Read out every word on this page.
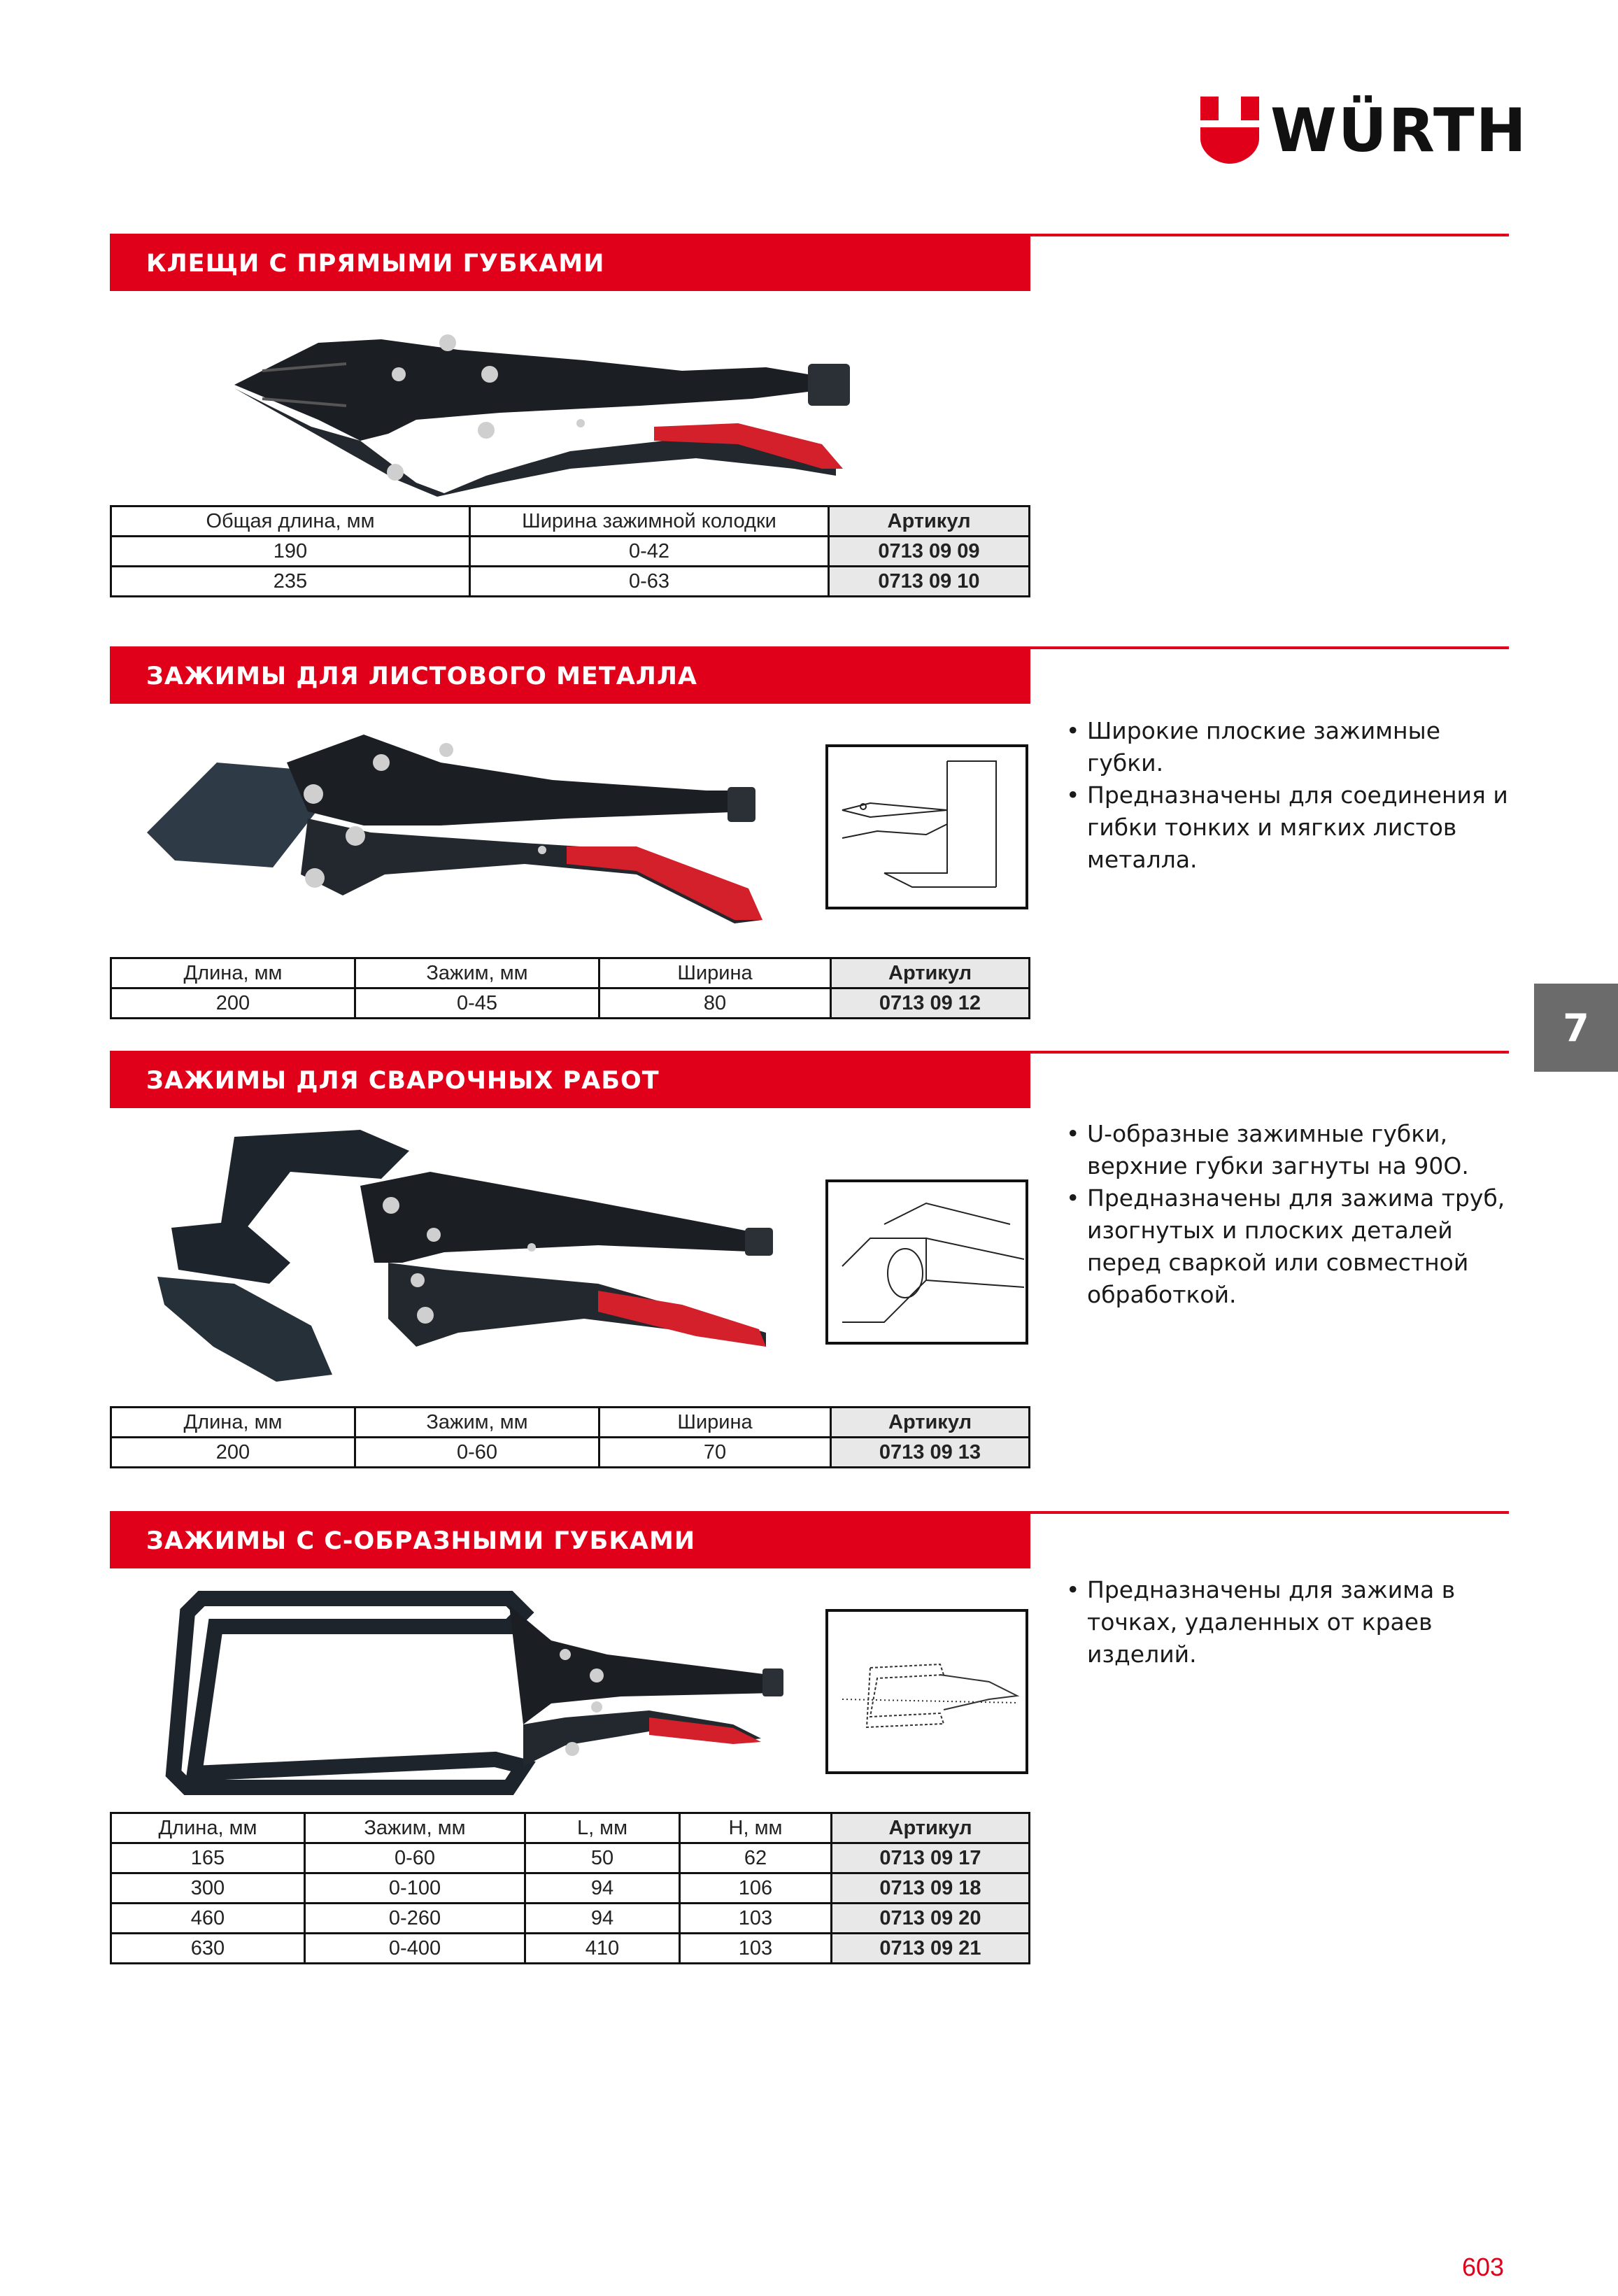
WÜRTH
КЛЕЩИ С ПРЯМЫМИ ГУБКАМИ
Общая длина, мм	Ширина зажимной колодки	Артикул
190	0-42	0713 09 09
235	0-63	0713 09 10
ЗАЖИМЫ ДЛЯ ЛИСТОВОГО МЕТАЛЛА
• Широкие плоские зажимные губки.
• Предназначены для соединения и гибки тонких и мягких листов металла.
Длина, мм	Зажим, мм	Ширина	Артикул
200	0-45	80	0713 09 12
7
ЗАЖИМЫ ДЛЯ СВАРОЧНЫХ РАБОТ
• U-образные зажимные губки, верхние губки загнуты на 90О.
• Предназначены для зажима труб, изогнутых и плоских деталей перед сваркой или совместной обработкой.
Длина, мм	Зажим, мм	Ширина	Артикул
200	0-60	70	0713 09 13
ЗАЖИМЫ С С-ОБРАЗНЫМИ ГУБКАМИ
• Предназначены для зажима в точках, удаленных от краев изделий.
Длина, мм	Зажим, мм	L, мм	H, мм	Артикул
165	0-60	50	62	0713 09 17
300	0-100	94	106	0713 09 18
460	0-260	94	103	0713 09 20
630	0-400	410	103	0713 09 21
603
